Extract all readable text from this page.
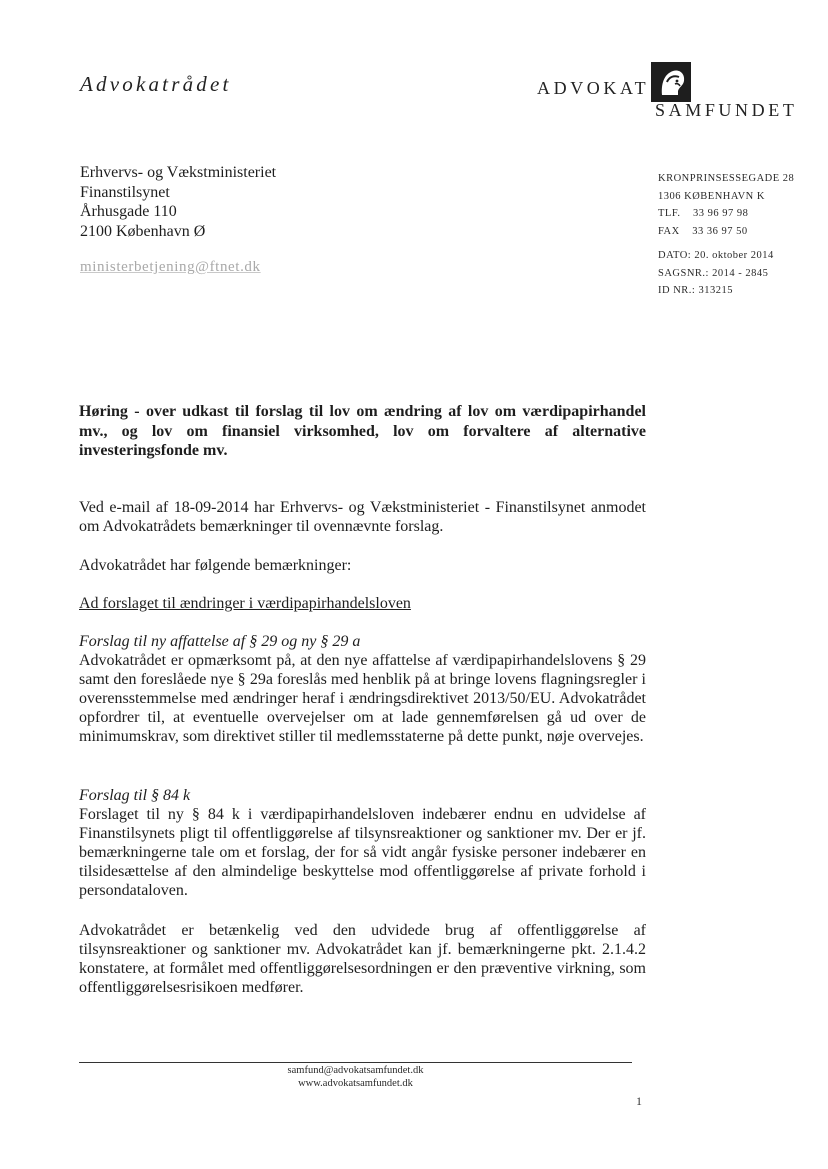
Advokatrådet	ADVOKAT
SAMFUNDET
Erhvervs- og Vækstministeriet
Finanstilsynet
Århusgade 110
2100 København Ø
ministerbetjening@ftnet.dk
KRONPRINSESSEGADE 28
1306 KØBENHAVN K
TLF.    33 96 97 98
FAX    33 36 97 50
DATO: 20. oktober 2014
SAGSNR.: 2014 - 2845
ID NR.: 313215

Høring - over udkast til forslag til lov om ændring af lov om værdipapirhandel mv., og lov om finansiel virksomhed, lov om forvaltere af alternative investeringsfonde mv.

Ved e-mail af 18-09-2014 har Erhvervs- og Vækstministeriet - Finanstilsynet anmodet om Advokatrådets bemærkninger til ovennævnte forslag.

Advokatrådet har følgende bemærkninger:

Ad forslaget til ændringer i værdipapirhandelsloven

Forslag til ny affattelse af § 29 og ny § 29 a

Advokatrådet er opmærksomt på, at den nye affattelse af værdipapirhandelslovens § 29 samt den foreslåede nye § 29a foreslås med henblik på at bringe lovens flagningsregler i overensstemmelse med ændringer heraf i ændringsdirektivet 2013/50/EU. Advokatrådet opfordrer til, at eventuelle overvejelser om at lade gennemførelsen gå ud over de minimumskrav, som direktivet stiller til medlemsstaterne på dette punkt, nøje overvejes.

Forslag til § 84 k

Forslaget til ny § 84 k i værdipapirhandelsloven indebærer endnu en udvidelse af Finanstilsynets pligt til offentliggørelse af tilsynsreaktioner og sanktioner mv. Der er jf. bemærkningerne tale om et forslag, der for så vidt angår fysiske personer indebærer en tilsidesættelse af den almindelige beskyttelse mod offentliggørelse af private forhold i persondataloven.

Advokatrådet er betænkelig ved den udvidede brug af offentliggørelse af tilsynsreaktioner og sanktioner mv. Advokatrådet kan jf. bemærkningerne pkt. 2.1.4.2 konstatere, at formålet med offentliggørelsesordningen er den præventive virkning, som offentliggørelsesrisikoen medfører.

samfund@advokatsamfundet.dk
www.advokatsamfundet.dk
1
